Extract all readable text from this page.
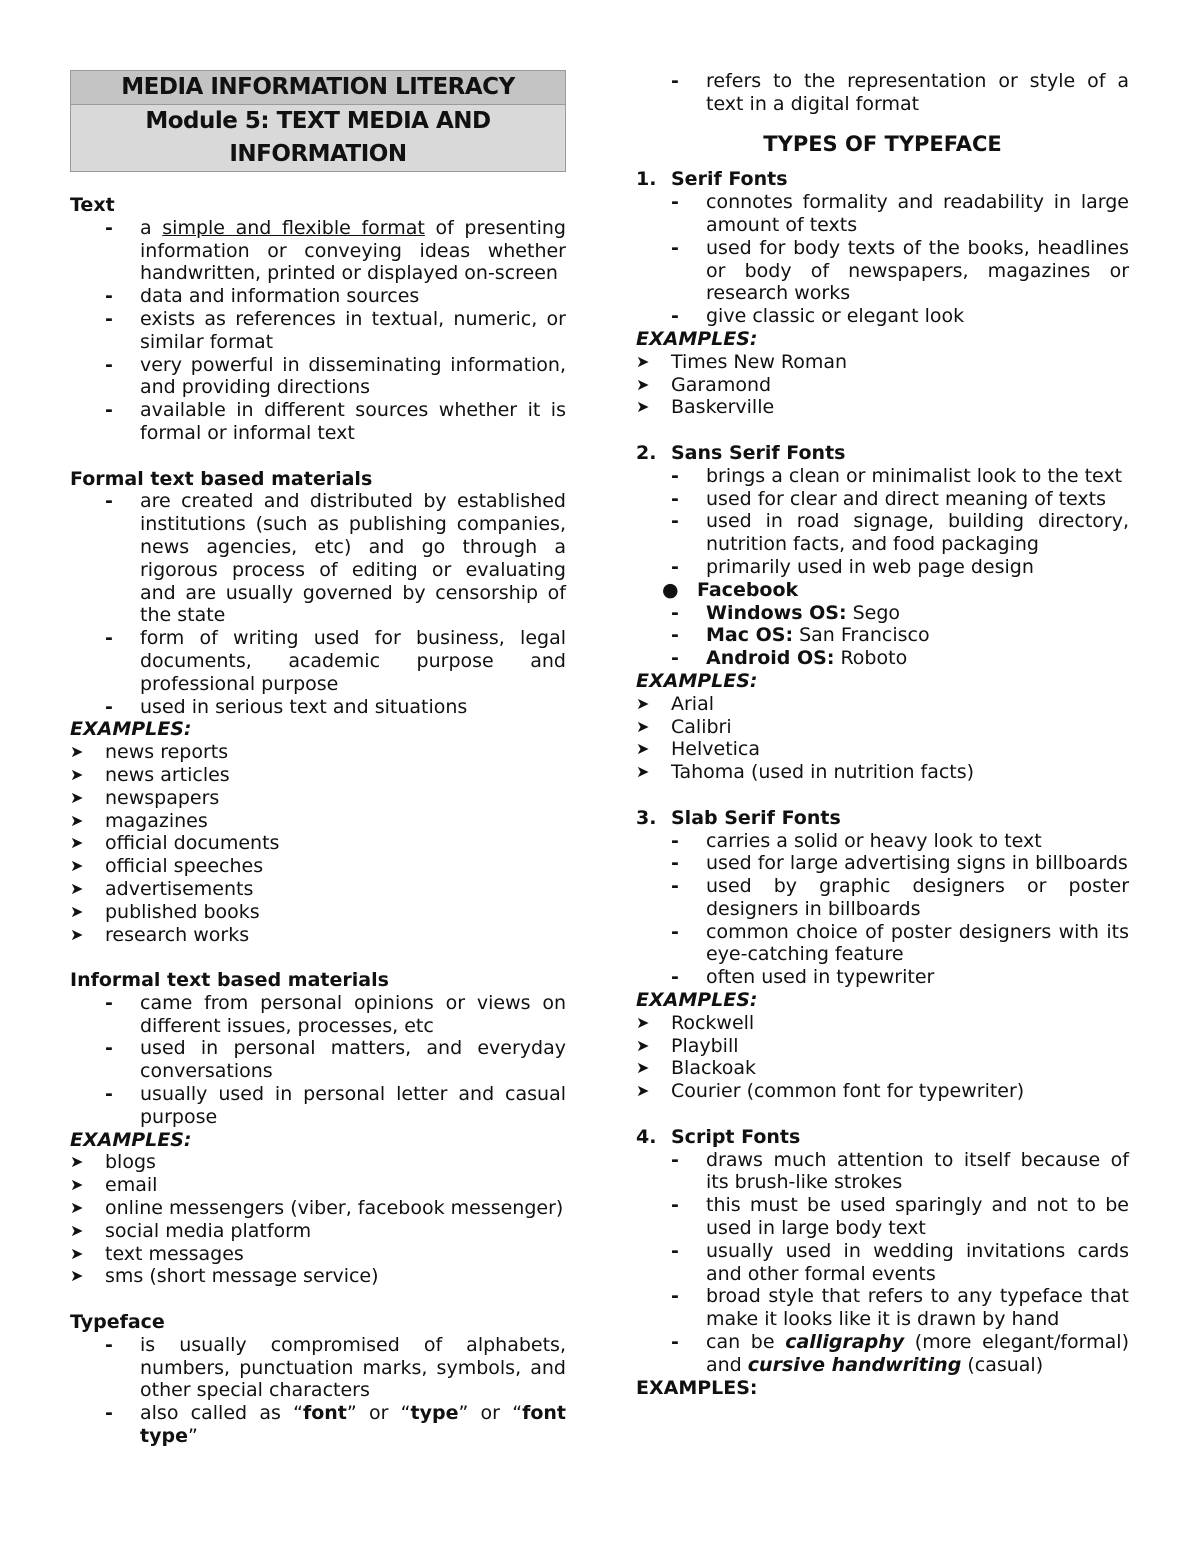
MEDIA INFORMATION LITERACY
Module 5: TEXT MEDIA AND INFORMATION
Text
- a simple and flexible format of presenting information or conveying ideas whether handwritten, printed or displayed on-screen
- data and information sources
- exists as references in textual, numeric, or similar format
- very powerful in disseminating information, and providing directions
- available in different sources whether it is formal or informal text
Formal text based materials
- are created and distributed by established institutions (such as publishing companies, news agencies, etc) and go through a rigorous process of editing or evaluating and are usually governed by censorship of the state
- form of writing used for business, legal documents, academic purpose and professional purpose
- used in serious text and situations
EXAMPLES:
➤ news reports
➤ news articles
➤ newspapers
➤ magazines
➤ official documents
➤ official speeches
➤ advertisements
➤ published books
➤ research works
Informal text based materials
- came from personal opinions or views on different issues, processes, etc
- used in personal matters, and everyday conversations
- usually used in personal letter and casual purpose
EXAMPLES:
➤ blogs
➤ email
➤ online messengers (viber, facebook messenger)
➤ social media platform
➤ text messages
➤ sms (short message service)
Typeface
- is usually compromised of alphabets, numbers, punctuation marks, symbols, and other special characters
- also called as “font” or “type” or “font type”
- refers to the representation or style of a text in a digital format
TYPES OF TYPEFACE
1. Serif Fonts
- connotes formality and readability in large amount of texts
- used for body texts of the books, headlines or body of newspapers, magazines or research works
- give classic or elegant look
EXAMPLES:
➤ Times New Roman
➤ Garamond
➤ Baskerville
2. Sans Serif Fonts
- brings a clean or minimalist look to the text
- used for clear and direct meaning of texts
- used in road signage, building directory, nutrition facts, and food packaging
- primarily used in web page design
● Facebook
- Windows OS: Sego
- Mac OS: San Francisco
- Android OS: Roboto
EXAMPLES:
➤ Arial
➤ Calibri
➤ Helvetica
➤ Tahoma (used in nutrition facts)
3. Slab Serif Fonts
- carries a solid or heavy look to text
- used for large advertising signs in billboards
- used by graphic designers or poster designers in billboards
- common choice of poster designers with its eye-catching feature
- often used in typewriter
EXAMPLES:
➤ Rockwell
➤ Playbill
➤ Blackoak
➤ Courier (common font for typewriter)
4. Script Fonts
- draws much attention to itself because of its brush-like strokes
- this must be used sparingly and not to be used in large body text
- usually used in wedding invitations cards and other formal events
- broad style that refers to any typeface that make it looks like it is drawn by hand
- can be calligraphy (more elegant/formal) and cursive handwriting (casual)
EXAMPLES:
